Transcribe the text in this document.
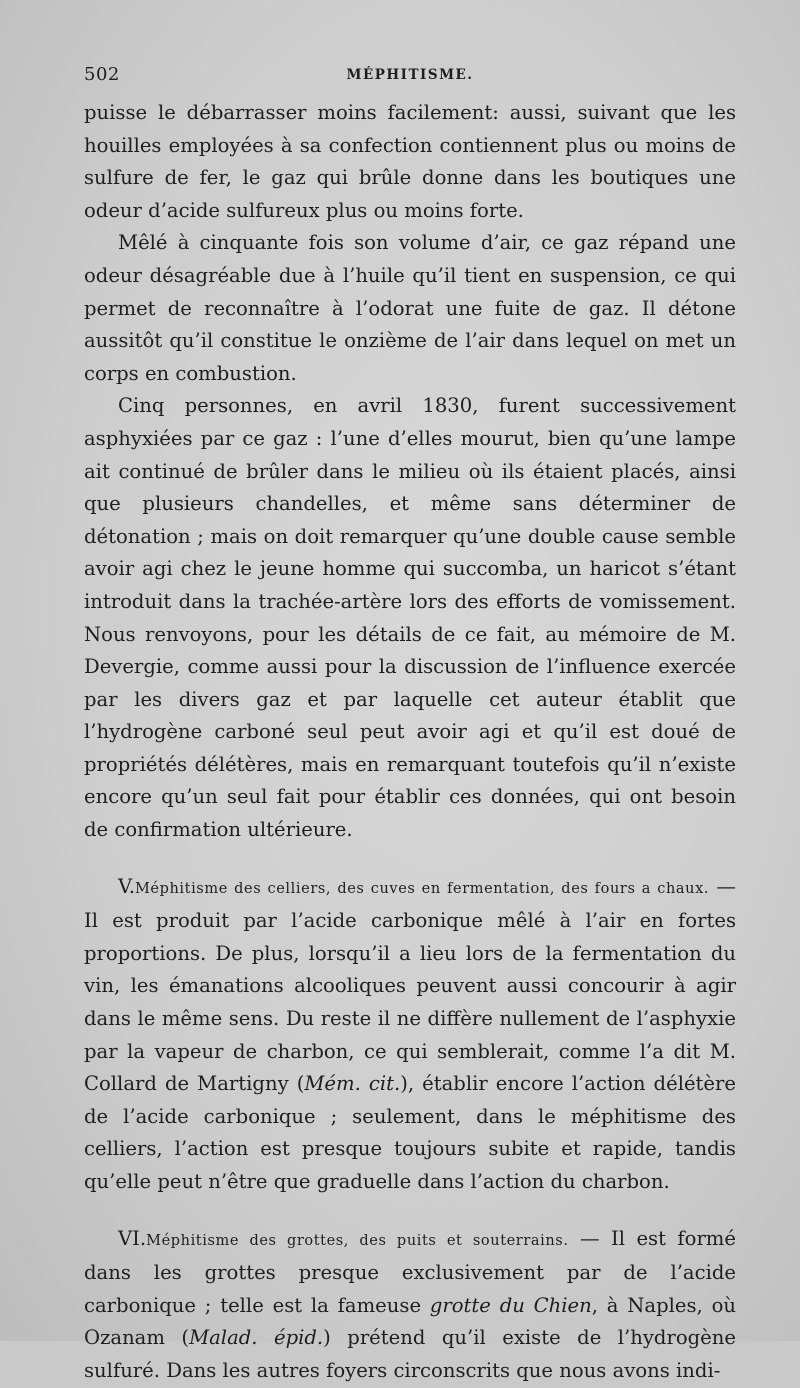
502	MÉPHITISME.

puisse le débarrasser moins facilement: aussi, suivant que les houilles employées à sa confection contiennent plus ou moins de sulfure de fer, le gaz qui brûle donne dans les boutiques une odeur d’acide sulfureux plus ou moins forte.

Mêlé à cinquante fois son volume d’air, ce gaz répand une odeur désagréable due à l’huile qu’il tient en suspension, ce qui permet de reconnaître à l’odorat une fuite de gaz. Il détone aussitôt qu’il constitue le onzième de l’air dans lequel on met un corps en combustion.

Cinq personnes, en avril 1830, furent successivement asphyxiées par ce gaz : l’une d’elles mourut, bien qu’une lampe ait continué de brûler dans le milieu où ils étaient placés, ainsi que plusieurs chandelles, et même sans déterminer de détonation ; mais on doit remarquer qu’une double cause semble avoir agi chez le jeune homme qui succomba, un haricot s’étant introduit dans la trachée-artère lors des efforts de vomissement. Nous renvoyons, pour les détails de ce fait, au mémoire de M. Devergie, comme aussi pour la discussion de l’influence exercée par les divers gaz et par laquelle cet auteur établit que l’hydrogène carboné seul peut avoir agi et qu’il est doué de propriétés délétères, mais en remarquant toutefois qu’il n’existe encore qu’un seul fait pour établir ces données, qui ont besoin de confirmation ultérieure.

V.Méphitisme des celliers, des cuves en fermentation, des fours a chaux. — Il est produit par l’acide carbonique mêlé à l’air en fortes proportions. De plus, lorsqu’il a lieu lors de la fermentation du vin, les émanations alcooliques peuvent aussi concourir à agir dans le même sens. Du reste il ne diffère nullement de l’asphyxie par la vapeur de charbon, ce qui semblerait, comme l’a dit M. Collard de Martigny (Mém. cit.), établir encore l’action délétère de l’acide carbonique ; seulement, dans le méphitisme des celliers, l’action est presque toujours subite et rapide, tandis qu’elle peut n’être que graduelle dans l’action du charbon.

VI.Méphitisme des grottes, des puits et souterrains. — Il est formé dans les grottes presque exclusivement par de l’acide carbonique ; telle est la fameuse grotte du Chien, à Naples, où Ozanam (Malad. épid.) prétend qu’il existe de l’hydrogène sulfuré. Dans les autres foyers circonscrits que nous avons indi-
